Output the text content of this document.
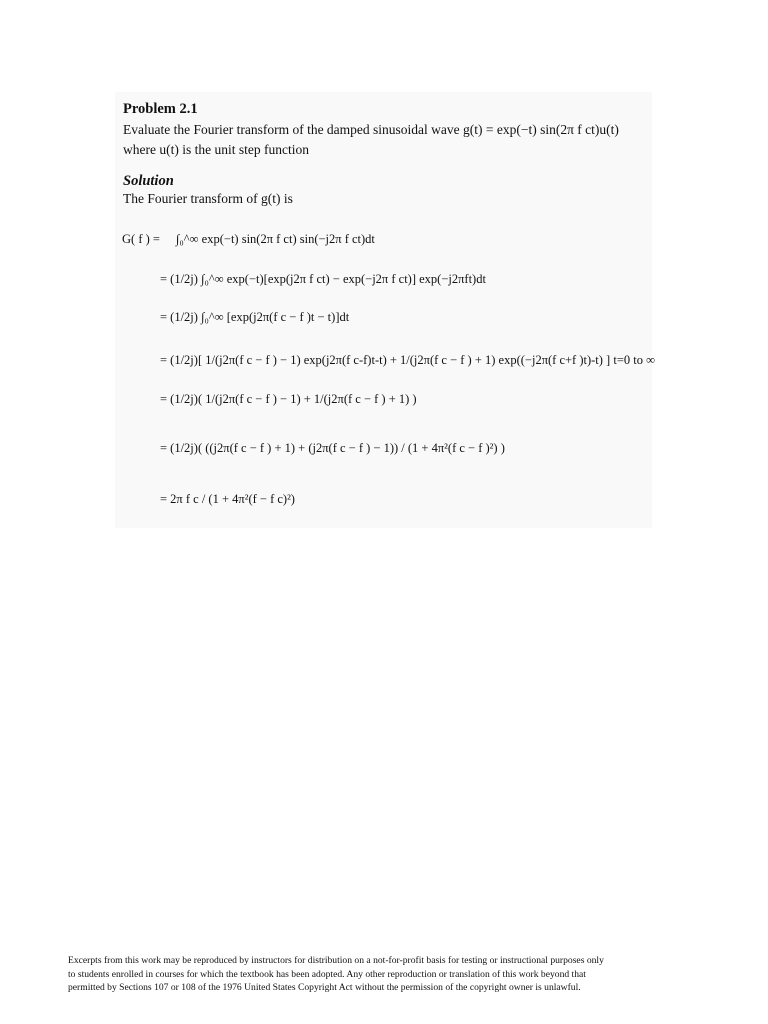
Problem 2.1
Evaluate the Fourier transform of the damped sinusoidal wave g(t) = exp(−t) sin(2π f ct)u(t)
where u(t) is the unit step function
Solution
The Fourier transform of g(t) is
G( f ) = ∫₀^∞ exp(−t) sin(2π f ct) sin(−j2π f ct)dt
= (1/2j) ∫₀^∞ exp(−t)[exp(j2π f ct) − exp(−j2π f ct)] exp(−j2πft)dt
= (1/2j) ∫₀^∞ [exp(j2π(f c − f )t − t)]dt
= (1/2j)[ 1/(j2π(f c − f ) − 1) exp(j2π(f c-f)t-t) + 1/(j2π(f c − f ) + 1) exp((−j2π(f c+f )t)-t) ] t=0 to ∞
= (1/2j)( 1/(j2π(f c − f ) − 1) + 1/(j2π(f c − f ) + 1) )
= (1/2j)( ((j2π(f c − f ) + 1) + (j2π(f c − f ) − 1)) / (1 + 4π²(f c − f )²) )
= 2π f c / (1 + 4π²(f − f c)²)
Excerpts from this work may be reproduced by instructors for distribution on a not-for-profit basis for testing or instructional purposes only
to students enrolled in courses for which the textbook has been adopted. Any other reproduction or translation of this work beyond that
permitted by Sections 107 or 108 of the 1976 United States Copyright Act without the permission of the copyright owner is unlawful.
